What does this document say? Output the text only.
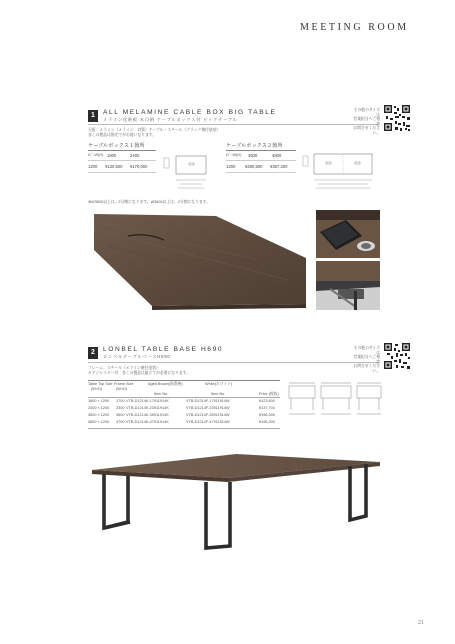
MEETING ROOM
1	ALL MELAMINE CABLE BOX BIG TABLE
メラミン化粧板 木目柄 ケーブルボックス付 ビッグテーブル
天板：メラミン（メラミン　対策）ケーブル・スチール（ブラック焼付塗装）
各この製品は指定でがお使いなります。
その他のサイズは
営業担当へご相談
お問合せください。
ケーブルボックス１箇所
D＼W(H) 1800	2400
1200 ¥130,500 ¥170,000
ケーブルボックス２箇所
D＼W(H) 3600	4800
1200 ¥290,500 ¥367,200
※W3600以上は、2分割になります。W3600以上は、2分割になります。
2	LONBEL TABLE BASE H690
ロンベルテーブルベースH690
フレーム：スチール（メラミン焼付塗装）
※アジャスター付　各この製品は組立てが必要になります。
その他のサイズは
営業担当へご相談
お問合せください。
Table Top Size Frame Size	Aged Brown(黒系統)	White(ホワイト)
(W×D)	(W×D)
Item No.	Item No.	Price (税抜)
1800 × 1200 1700 VTB-D1214K-17911914K	VTB-D1214F-17911914W	¥123,600
2400 × 1200 2300 VTB-D1214K-23911914K	VTB-D1214F-23911914W	¥137,700
3600 × 1200 3500 VTB-D1214K-35911914K	VTB-D1214F-35911914W	¥196,300
4800 × 1200 4700 VTB-D1214K-47911914K	VTB-D1214F-47911914W	¥196,300
21
